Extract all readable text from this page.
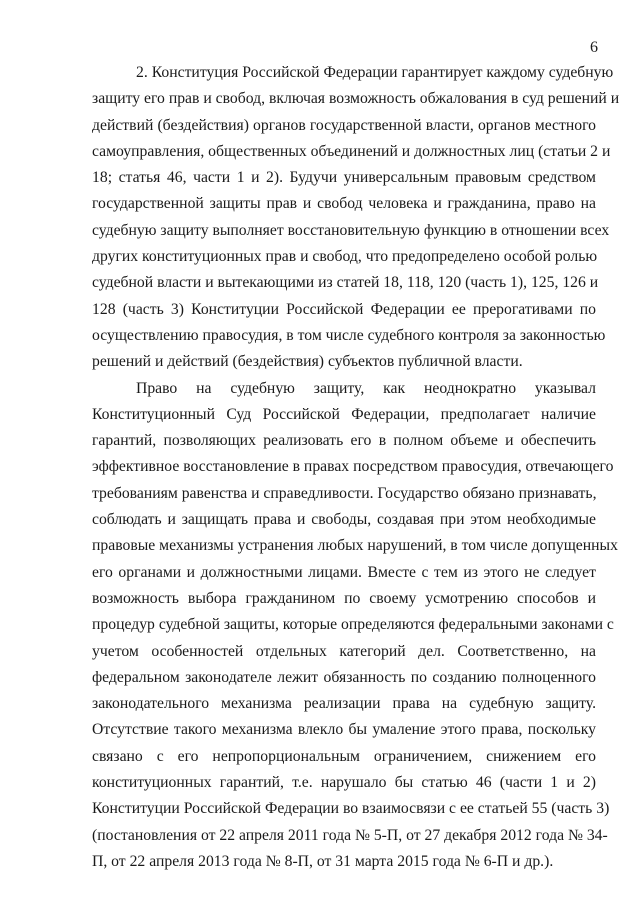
6
2. Конституция Российской Федерации гарантирует каждому судебную
защиту его прав и свобод, включая возможность обжалования в суд решений и
действий (бездействия) органов государственной власти, органов местного
самоуправления, общественных объединений и должностных лиц (статьи 2 и
18; статья 46, части 1 и 2). Будучи универсальным правовым средством
государственной защиты прав и свобод человека и гражданина, право на
судебную защиту выполняет восстановительную функцию в отношении всех
других конституционных прав и свобод, что предопределено особой ролью
судебной власти и вытекающими из статей 18, 118, 120 (часть 1), 125, 126 и
128 (часть 3) Конституции Российской Федерации ее прерогативами по
осуществлению правосудия, в том числе судебного контроля за законностью
решений и действий (бездействия) субъектов публичной власти.
Право на судебную защиту, как неоднократно указывал
Конституционный Суд Российской Федерации, предполагает наличие
гарантий, позволяющих реализовать его в полном объеме и обеспечить
эффективное восстановление в правах посредством правосудия, отвечающего
требованиям равенства и справедливости. Государство обязано признавать,
соблюдать и защищать права и свободы, создавая при этом необходимые
правовые механизмы устранения любых нарушений, в том числе допущенных
его органами и должностными лицами. Вместе с тем из этого не следует
возможность выбора гражданином по своему усмотрению способов и
процедур судебной защиты, которые определяются федеральными законами с
учетом особенностей отдельных категорий дел. Соответственно, на
федеральном законодателе лежит обязанность по созданию полноценного
законодательного механизма реализации права на судебную защиту.
Отсутствие такого механизма влекло бы умаление этого права, поскольку
связано с его непропорциональным ограничением, снижением его
конституционных гарантий, т.е. нарушало бы статью 46 (части 1 и 2)
Конституции Российской Федерации во взаимосвязи с ее статьей 55 (часть 3)
(постановления от 22 апреля 2011 года № 5-П, от 27 декабря 2012 года № 34-
П, от 22 апреля 2013 года № 8-П, от 31 марта 2015 года № 6-П и др.).
